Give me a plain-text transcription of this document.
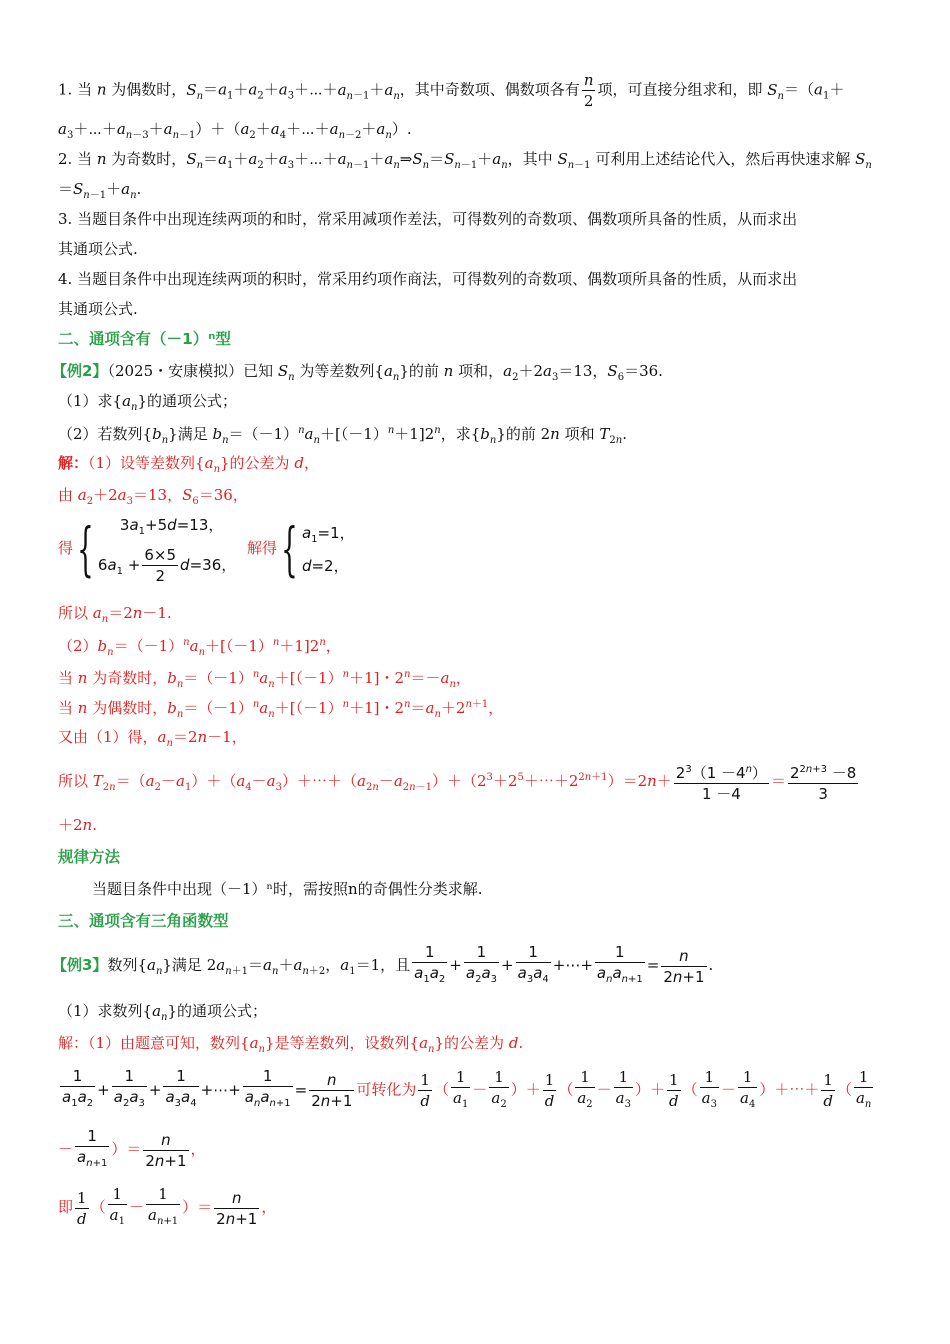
1. 当 n 为偶数时，$S_n=a_1+a_2+a_3+\cdots+a_{n-1}+a_n$，其中奇数项、偶数项各有 $\frac{n}{2}$ 项，可直接分组求和，即 $S_n=(a_1+$
$a_3+\cdots+a_{n-3}+a_{n-1})+(a_2+a_4+\cdots+a_{n-2}+a_n)$.
2. 当 n 为奇数时，$S_n=a_1+a_2+a_3+\cdots+a_{n-1}+a_n\Rightarrow S_n=S_{n-1}+a_n$，其中 $S_{n-1}$ 可利用上述结论代入，然后再快速求解 $S_n$
$=S_{n-1}+a_n$.
3. 当题目条件中出现连续两项的和时，常采用减项作差法，可得数列的奇数项、偶数项所具备的性质，从而求出
其通项公式.
4. 当题目条件中出现连续两项的积时，常采用约项作商法，可得数列的奇数项、偶数项所具备的性质，从而求出
其通项公式.
二、通项含有（－1）ⁿ型
【例2】（2025・安康模拟）已知 $S_n$ 为等差数列$\{a_n\}$的前 n 项和，$a_2+2a_3=13$，$S_6=36$.
（1）求$\{a_n\}$的通项公式；
（2）若数列$\{b_n\}$满足 $b_n=(-1)^na_n+[(-1)^n+1]2^n$，求$\{b_n\}$的前 2n 项和 $T_{2n}$.
解：（1）设等差数列$\{a_n\}$的公差为 d，
由 $a_2+2a_3=13$，$S_6=36$，
得{	$3a_1+5d=13$，
$6a_1 + \frac{6\times 5}{2} d=36$，
解得{ $a_1=1$，
d=2，
所以 $a_n=2n-1$.
$(2)b_n=(-1)^na_n+[(-1)^n+1]2^n$，
当 n 为奇数时，$b_n=(-1)^na_n+[(-1)^n+1]$・$2^n=-a_n$，
当 n 为偶数时，$b_n=(-1)^na_n+[(-1)^n+1]$・$2^n=a_n+2^{n+1}$，
又由（1）得，$a_n=2n-1$，
所以 $T_{2n}=(a_2-a_1)+(a_4-a_3)+\cdots+(a_{2n}-a_{2n-1})+(2^3+2^5+\cdots+2^{2n+1})=2n+ \frac{2^3(1 -4^n)}{1 -4} = \frac{2^{2n+3} -8}{3}$
＋2n.
规律方法
当题目条件中出现（－1）ⁿ时，需按照n的奇偶性分类求解.
三、通项含有三角函数型
【例3】数列$\{a_n\}$满足 $2a_{n+1}=a_n+a_{n+2}$，$a_1=1$，且 $\frac{1}{a_1a_2} + \frac{1}{a_2a_3} + \frac{1}{a_3a_4}$ +⋯+ $\frac{1}{a_na_{n+1}} = \frac{n}{2n+1}$ .
（1）求数列$\{a_n\}$的通项公式；
解：（1）由题意可知，数列$\{a_n\}$是等差数列，设数列$\{a_n\}$的公差为 d.
$\frac{1}{a_1a_2} + \frac{1}{a_2a_3} + \frac{1}{a_3a_4}$ +⋯+ $\frac{1}{a_na_{n+1}} = \frac{n}{2n+1}$ 可转化为 $\frac{1}{d}$ （ $\frac{1}{a_1} - \frac{1}{a_2}$ ）＋ $\frac{1}{d}$ （ $\frac{1}{a_2} - \frac{1}{a_3}$ ）＋ $\frac{1}{d}$ （ $\frac{1}{a_3} - \frac{1}{a_4}$ ）＋⋯＋ $\frac{1}{d}$ （ $\frac{1}{a_n}$
－ $\frac{1}{a_{n+1}}$ ）＝ $\frac{n}{2n+1}$ ，
即 $\frac{1}{d}$ （ $\frac{1}{a_1} - \frac{1}{a_{n+1}}$ ）＝ $\frac{n}{2n+1}$ ，
